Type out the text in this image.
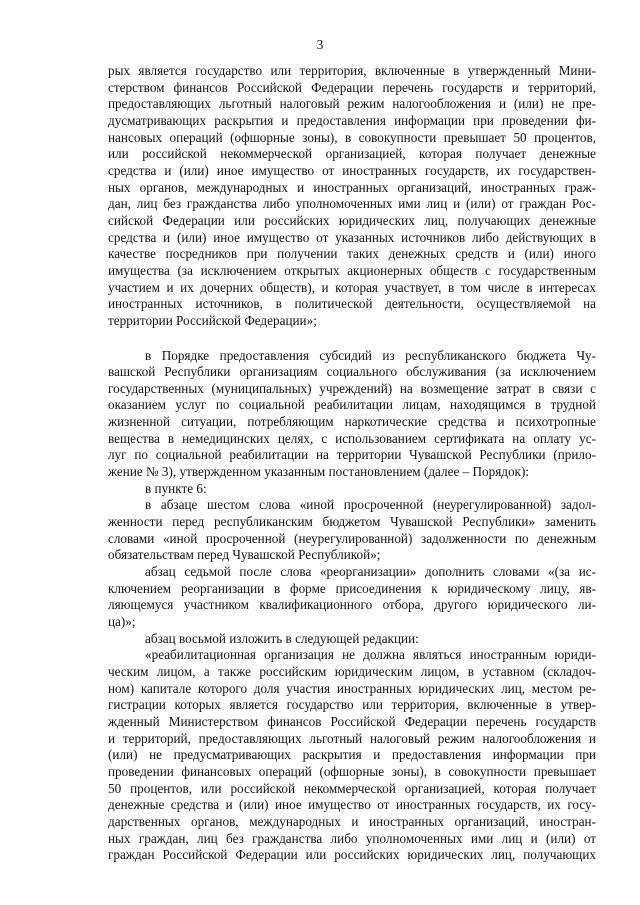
3
рых является государство или территория, включенные в утвержденный Мини-
стерством финансов Российской Федерации перечень государств и территорий,
предоставляющих льготный налоговый режим налогообложения и (или) не пре-
дусматривающих раскрытия и предоставления информации при проведении фи-
нансовых операций (офшорные зоны), в совокупности превышает 50 процентов,
или российской некоммерческой организацией, которая получает денежные
средства и (или) иное имущество от иностранных государств, их государствен-
ных органов, международных и иностранных организаций, иностранных граж-
дан, лиц без гражданства либо уполномоченных ими лиц и (или) от граждан Рос-
сийской Федерации или российских юридических лиц, получающих денежные
средства и (или) иное имущество от указанных источников либо действующих в
качестве посредников при получении таких денежных средств и (или) иного
имущества (за исключением открытых акционерных обществ с государственным
участием и их дочерних обществ), и которая участвует, в том числе в интересах
иностранных источников, в политической деятельности, осуществляемой на
территории Российской Федерации»;
в Порядке предоставления субсидий из республиканского бюджета Чу-
вашской Республики организациям социального обслуживания (за исключением
государственных (муниципальных) учреждений) на возмещение затрат в связи с
оказанием услуг по социальной реабилитации лицам, находящимся в трудной
жизненной ситуации, потребляющим наркотические средства и психотропные
вещества в немедицинских целях, с использованием сертификата на оплату ус-
луг по социальной реабилитации на территории Чувашской Республики (прило-
жение № 3), утвержденном указанным постановлением (далее – Порядок):
в пункте 6:
в абзаце шестом слова «иной просроченной (неурегулированной) задол-
женности перед республиканским бюджетом Чувашской Республики» заменить
словами «иной просроченной (неурегулированной) задолженности по денежным
обязательствам перед Чувашской Республикой»;
абзац седьмой после слова «реорганизации» дополнить словами «(за ис-
ключением реорганизации в форме присоединения к юридическому лицу, яв-
ляющемуся участником квалификационного отбора, другого юридического ли-
ца)»;
абзац восьмой изложить в следующей редакции:
«реабилитационная организация не должна являться иностранным юриди-
ческим лицом, а также российским юридическим лицом, в уставном (складоч-
ном) капитале которого доля участия иностранных юридических лиц, местом ре-
гистрации которых является государство или территория, включенные в утвер-
жденный Министерством финансов Российской Федерации перечень государств
и территорий, предоставляющих льготный налоговый режим налогообложения и
(или) не предусматривающих раскрытия и предоставления информации при
проведении финансовых операций (офшорные зоны), в совокупности превышает
50 процентов, или российской некоммерческой организацией, которая получает
денежные средства и (или) иное имущество от иностранных государств, их госу-
дарственных органов, международных и иностранных организаций, иностран-
ных граждан, лиц без гражданства либо уполномоченных ими лиц и (или) от
граждан Российской Федерации или российских юридических лиц, получающих
